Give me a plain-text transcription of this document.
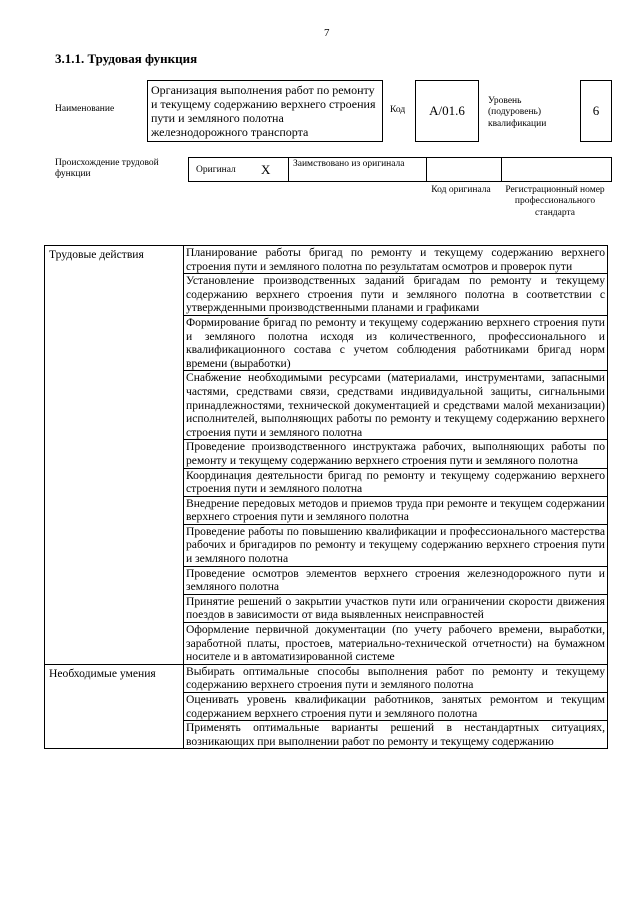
7
3.1.1. Трудовая функция
Наименование
Организация выполнения работ по ремонту и текущему содержанию верхнего строения пути и земляного полотна железнодорожного транспорта
Код А/01.6
Уровень (подуровень) квалификации
6
Происхождение трудовой функции	Оригинал X Заимствовано из оригинала
Код оригинала	Регистрационный номер профессионального стандарта
Трудовые действия	Планирование работы бригад по ремонту и текущему содержанию верхнего строения пути и земляного полотна по результатам осмотров и проверок пути
	Установление производственных заданий бригадам по ремонту и текущему содержанию верхнего строения пути и земляного полотна в соответствии с утвержденными производственными планами и графиками
	Формирование бригад по ремонту и текущему содержанию верхнего строения пути и земляного полотна исходя из количественного, профессионального и квалификационного состава с учетом соблюдения работниками бригад норм времени (выработки)
	Снабжение необходимыми ресурсами (материалами, инструментами, запасными частями, средствами связи, средствами индивидуальной защиты, сигнальными принадлежностями, технической документацией и средствами малой механизации) исполнителей, выполняющих работы по ремонту и текущему содержанию верхнего строения пути и земляного полотна
	Проведение производственного инструктажа рабочих, выполняющих работы по ремонту и текущему содержанию верхнего строения пути и земляного полотна
	Координация деятельности бригад по ремонту и текущему содержанию верхнего строения пути и земляного полотна
	Внедрение передовых методов и приемов труда при ремонте и текущем содержании верхнего строения пути и земляного полотна
	Проведение работы по повышению квалификации и профессионального мастерства рабочих и бригадиров по ремонту и текущему содержанию верхнего строения пути и земляного полотна
	Проведение осмотров элементов верхнего строения железнодорожного пути и земляного полотна
	Принятие решений о закрытии участков пути или ограничении скорости движения поездов в зависимости от вида выявленных неисправностей
	Оформление первичной документации (по учету рабочего времени, выработки, заработной платы, простоев, материально-технической отчетности) на бумажном носителе и в автоматизированной системе
Необходимые умения	Выбирать оптимальные способы выполнения работ по ремонту и текущему содержанию верхнего строения пути и земляного полотна
	Оценивать уровень квалификации работников, занятых ремонтом и текущим содержанием верхнего строения пути и земляного полотна
	Применять оптимальные варианты решений в нестандартных ситуациях, возникающих при выполнении работ по ремонту и текущему содержанию
